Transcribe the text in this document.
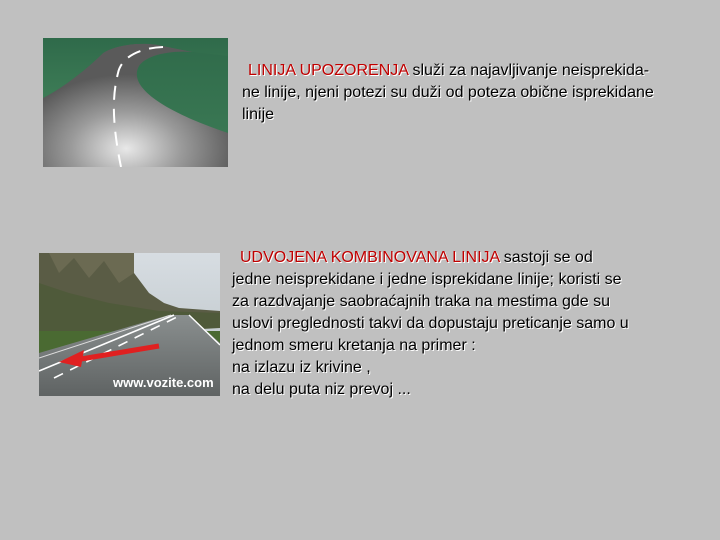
LINIJA UPOZORENJA služi za najavljivanje neisprekida-
ne linije, njeni potezi su duži od poteza obične isprekidane
linije
www.vozite.com
UDVOJENA KOMBINOVANA LINIJA sastoji se od
jedne neisprekidane i jedne isprekidane linije; koristi se
za razdvajanje saobraćajnih traka na mestima gde su
uslovi preglednosti takvi da dopustaju preticanje samo u
jednom smeru kretanja na primer :
na izlazu iz krivine ,
na delu puta niz prevoj ...
